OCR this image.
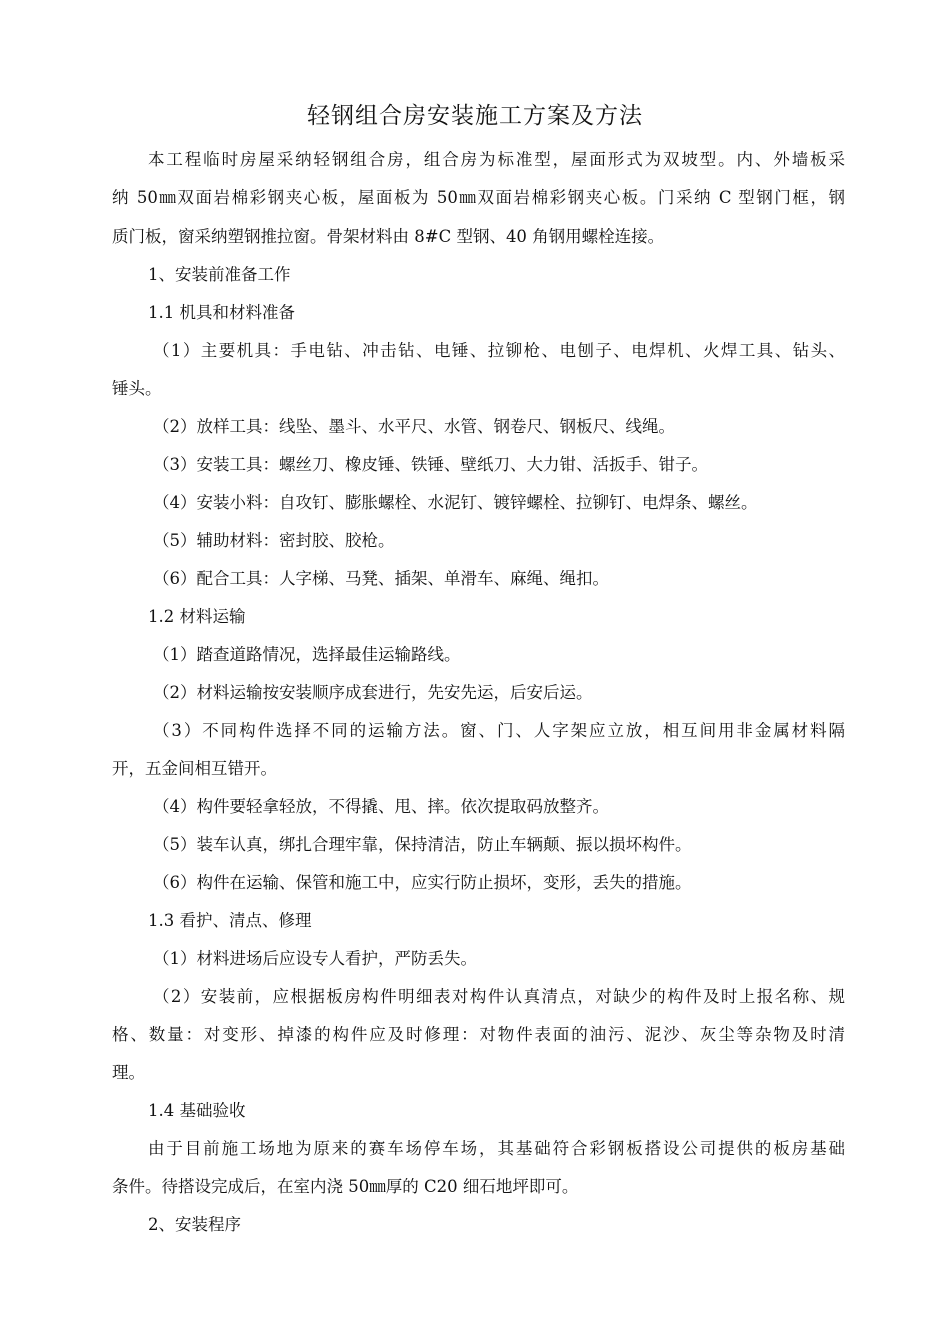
轻钢组合房安装施工方案及方法
本工程临时房屋采纳轻钢组合房，组合房为标准型，屋面形式为双坡型。内、外墙板采
纳 50㎜双面岩棉彩钢夹心板，屋面板为 50㎜双面岩棉彩钢夹心板。门采纳 C 型钢门框，钢
质门板，窗采纳塑钢推拉窗。骨架材料由 8#C 型钢、40 角钢用螺栓连接。
1、安装前准备工作
1.1 机具和材料准备
（1）主要机具：手电钻、冲击钻、电锤、拉铆枪、电刨子、电焊机、火焊工具、钻头、
锤头。
（2）放样工具：线坠、墨斗、水平尺、水管、钢卷尺、钢板尺、线绳。
（3）安装工具：螺丝刀、橡皮锤、铁锤、壁纸刀、大力钳、活扳手、钳子。
（4）安装小料：自攻钉、膨胀螺栓、水泥钉、镀锌螺栓、拉铆钉、电焊条、螺丝。
（5）辅助材料：密封胶、胶枪。
（6）配合工具：人字梯、马凳、插架、单滑车、麻绳、绳扣。
1.2 材料运输
（1）踏查道路情况，选择最佳运输路线。
（2）材料运输按安装顺序成套进行，先安先运，后安后运。
（3）不同构件选择不同的运输方法。窗、门、人字架应立放，相互间用非金属材料隔
开，五金间相互错开。
（4）构件要轻拿轻放，不得撬、甩、摔。依次提取码放整齐。
（5）装车认真，绑扎合理牢靠，保持清洁，防止车辆颠、振以损坏构件。
（6）构件在运输、保管和施工中，应实行防止损坏，变形，丢失的措施。
1.3 看护、清点、修理
（1）材料进场后应设专人看护，严防丢失。
（2）安装前，应根据板房构件明细表对构件认真清点，对缺少的构件及时上报名称、规
格、数量：对变形、掉漆的构件应及时修理：对物件表面的油污、泥沙、灰尘等杂物及时清
理。
1.4 基础验收
由于目前施工场地为原来的赛车场停车场，其基础符合彩钢板搭设公司提供的板房基础
条件。待搭设完成后，在室内浇 50㎜厚的 C20 细石地坪即可。
2、安装程序
